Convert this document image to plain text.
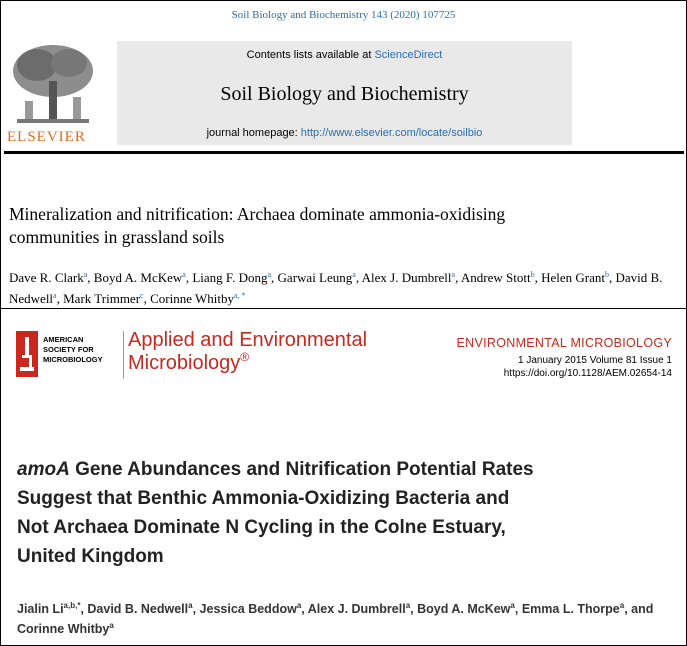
Soil Biology and Biochemistry 143 (2020) 107725
ELSEVIER
Contents lists available at ScienceDirect
Soil Biology and Biochemistry
journal homepage: http://www.elsevier.com/locate/soilbio
Mineralization and nitrification: Archaea dominate ammonia-oxidising
communities in grassland soils
Dave R. Clark$^a$, Boyd A. McKew$^a$, Liang F. Dong$^a$, Garwai Leung$^a$, Alex J. Dumbrell$^a$, Andrew Stott$^b$, Helen Grant$^b$, David B. Nedwell$^a$, Mark Trimmer$^c$, Corinne Whitby$^{a, *}$
AMERICAN
SOCIETY FOR
MICROBIOLOGY
Applied and Environmental
Microbiology®
ENVIRONMENTAL MICROBIOLOGY
1 January 2015 Volume 81 Issue 1
https://doi.org/10.1128/AEM.02654-14
amoA Gene Abundances and Nitrification Potential Rates
Suggest that Benthic Ammonia-Oxidizing Bacteria and
Not Archaea Dominate N Cycling in the Colne Estuary,
United Kingdom
Jialin $Li^{a,b,*}$, David B. Nedwell$^a$, Jessica Beddow$^a$, Alex J. Dumbrell$^a$, Boyd A. McKew$^a$, Emma L. Thorpe$^a$, and Corinne Whitby$^a$
